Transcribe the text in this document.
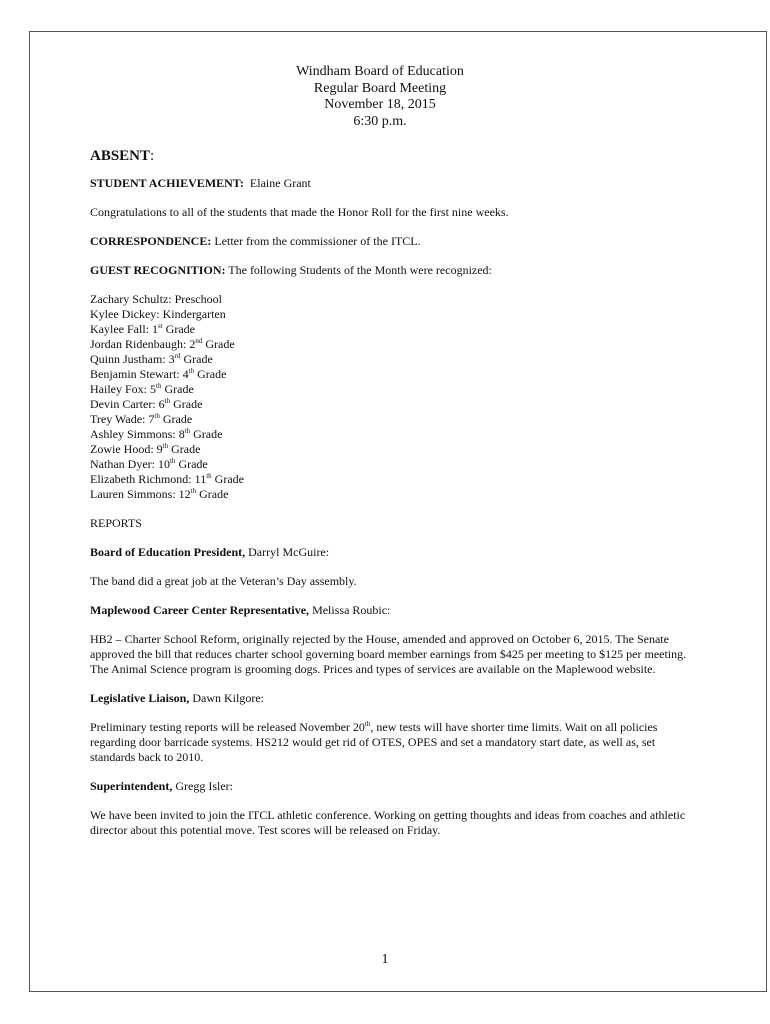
Windham Board of Education
Regular Board Meeting
November 18, 2015
6:30 p.m.
ABSENT:

STUDENT ACHIEVEMENT: Elaine Grant

Congratulations to all of the students that made the Honor Roll for the first nine weeks.

CORRESPONDENCE: Letter from the commissioner of the ITCL.

GUEST RECOGNITION: The following Students of the Month were recognized:

Zachary Schultz: Preschool
Kylee Dickey: Kindergarten
Kaylee Fall: 1st Grade
Jordan Ridenbaugh: 2nd Grade
Quinn Justham: 3rd Grade
Benjamin Stewart: 4th Grade
Hailey Fox: 5th Grade
Devin Carter: 6th Grade
Trey Wade: 7th Grade
Ashley Simmons: 8th Grade
Zowie Hood: 9th Grade
Nathan Dyer: 10th Grade
Elizabeth Richmond: 11th Grade
Lauren Simmons: 12th Grade

REPORTS

Board of Education President, Darryl McGuire:

The band did a great job at the Veteran’s Day assembly.

Maplewood Career Center Representative, Melissa Roubic:

HB2 – Charter School Reform, originally rejected by the House, amended and approved on October 6, 2015. The Senate approved the bill that reduces charter school governing board member earnings from $425 per meeting to $125 per meeting. The Animal Science program is grooming dogs. Prices and types of services are available on the Maplewood website.

Legislative Liaison, Dawn Kilgore:

Preliminary testing reports will be released November 20th, new tests will have shorter time limits. Wait on all policies regarding door barricade systems. HS212 would get rid of OTES, OPES and set a mandatory start date, as well as, set standards back to 2010.

Superintendent, Gregg Isler:

We have been invited to join the ITCL athletic conference. Working on getting thoughts and ideas from coaches and athletic director about this potential move. Test scores will be released on Friday.

1
